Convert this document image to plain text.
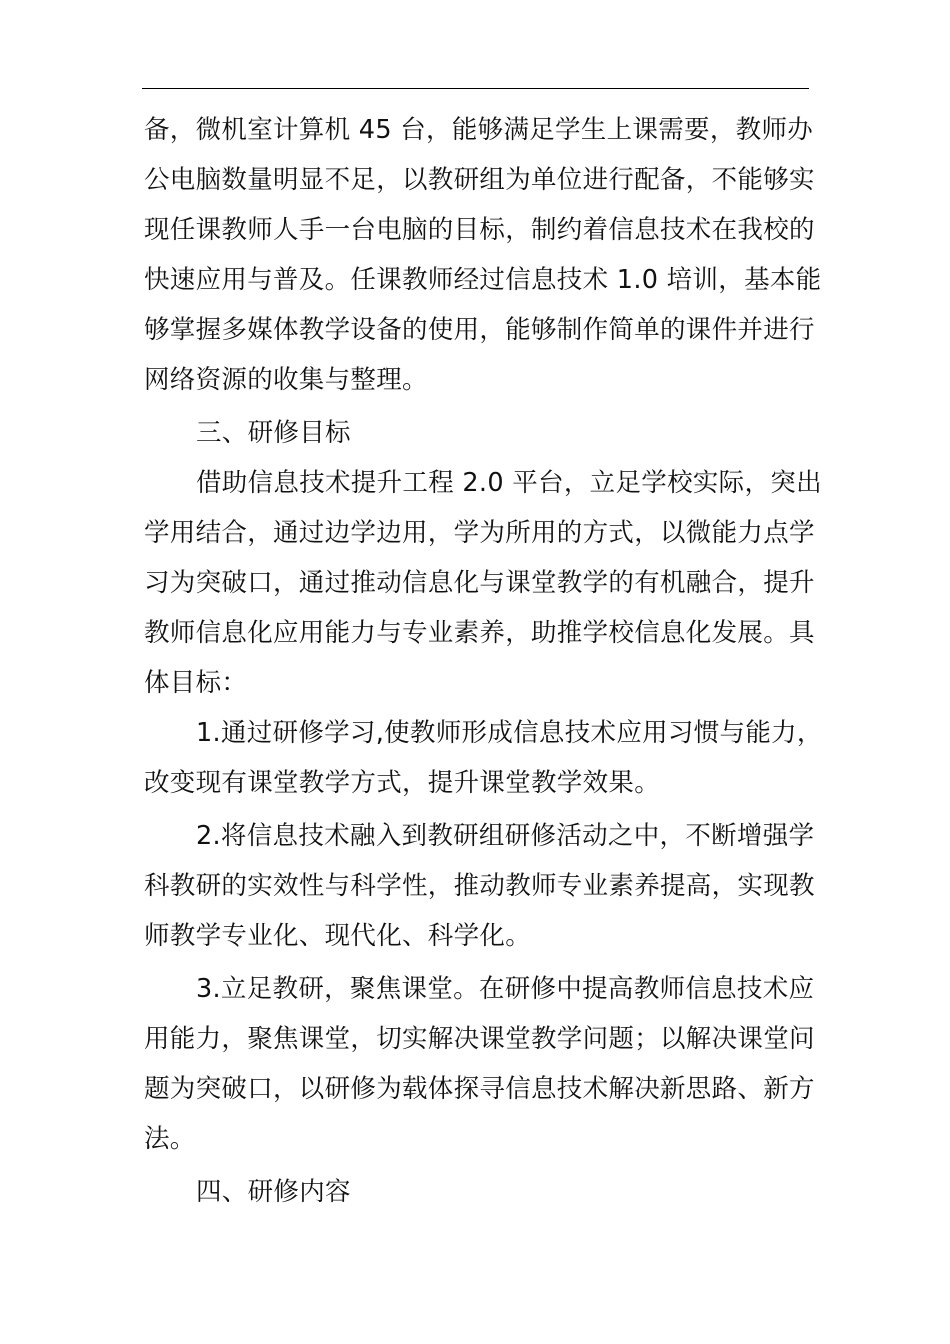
备，微机室计算机 45 台，能够满足学生上课需要，教师办
公电脑数量明显不足，以教研组为单位进行配备，不能够实
现任课教师人手一台电脑的目标，制约着信息技术在我校的
快速应用与普及。任课教师经过信息技术 1.0 培训，基本能
够掌握多媒体教学设备的使用，能够制作简单的课件并进行
网络资源的收集与整理。
三、研修目标
借助信息技术提升工程 2.0 平台，立足学校实际，突出
学用结合，通过边学边用，学为所用的方式，以微能力点学
习为突破口，通过推动信息化与课堂教学的有机融合，提升
教师信息化应用能力与专业素养，助推学校信息化发展。具
体目标：
1.通过研修学习,使教师形成信息技术应用习惯与能力，
改变现有课堂教学方式，提升课堂教学效果。
2.将信息技术融入到教研组研修活动之中，不断增强学
科教研的实效性与科学性，推动教师专业素养提高，实现教
师教学专业化、现代化、科学化。
3.立足教研，聚焦课堂。在研修中提高教师信息技术应
用能力，聚焦课堂，切实解决课堂教学问题；以解决课堂问
题为突破口，以研修为载体探寻信息技术解决新思路、新方
法。
四、研修内容
